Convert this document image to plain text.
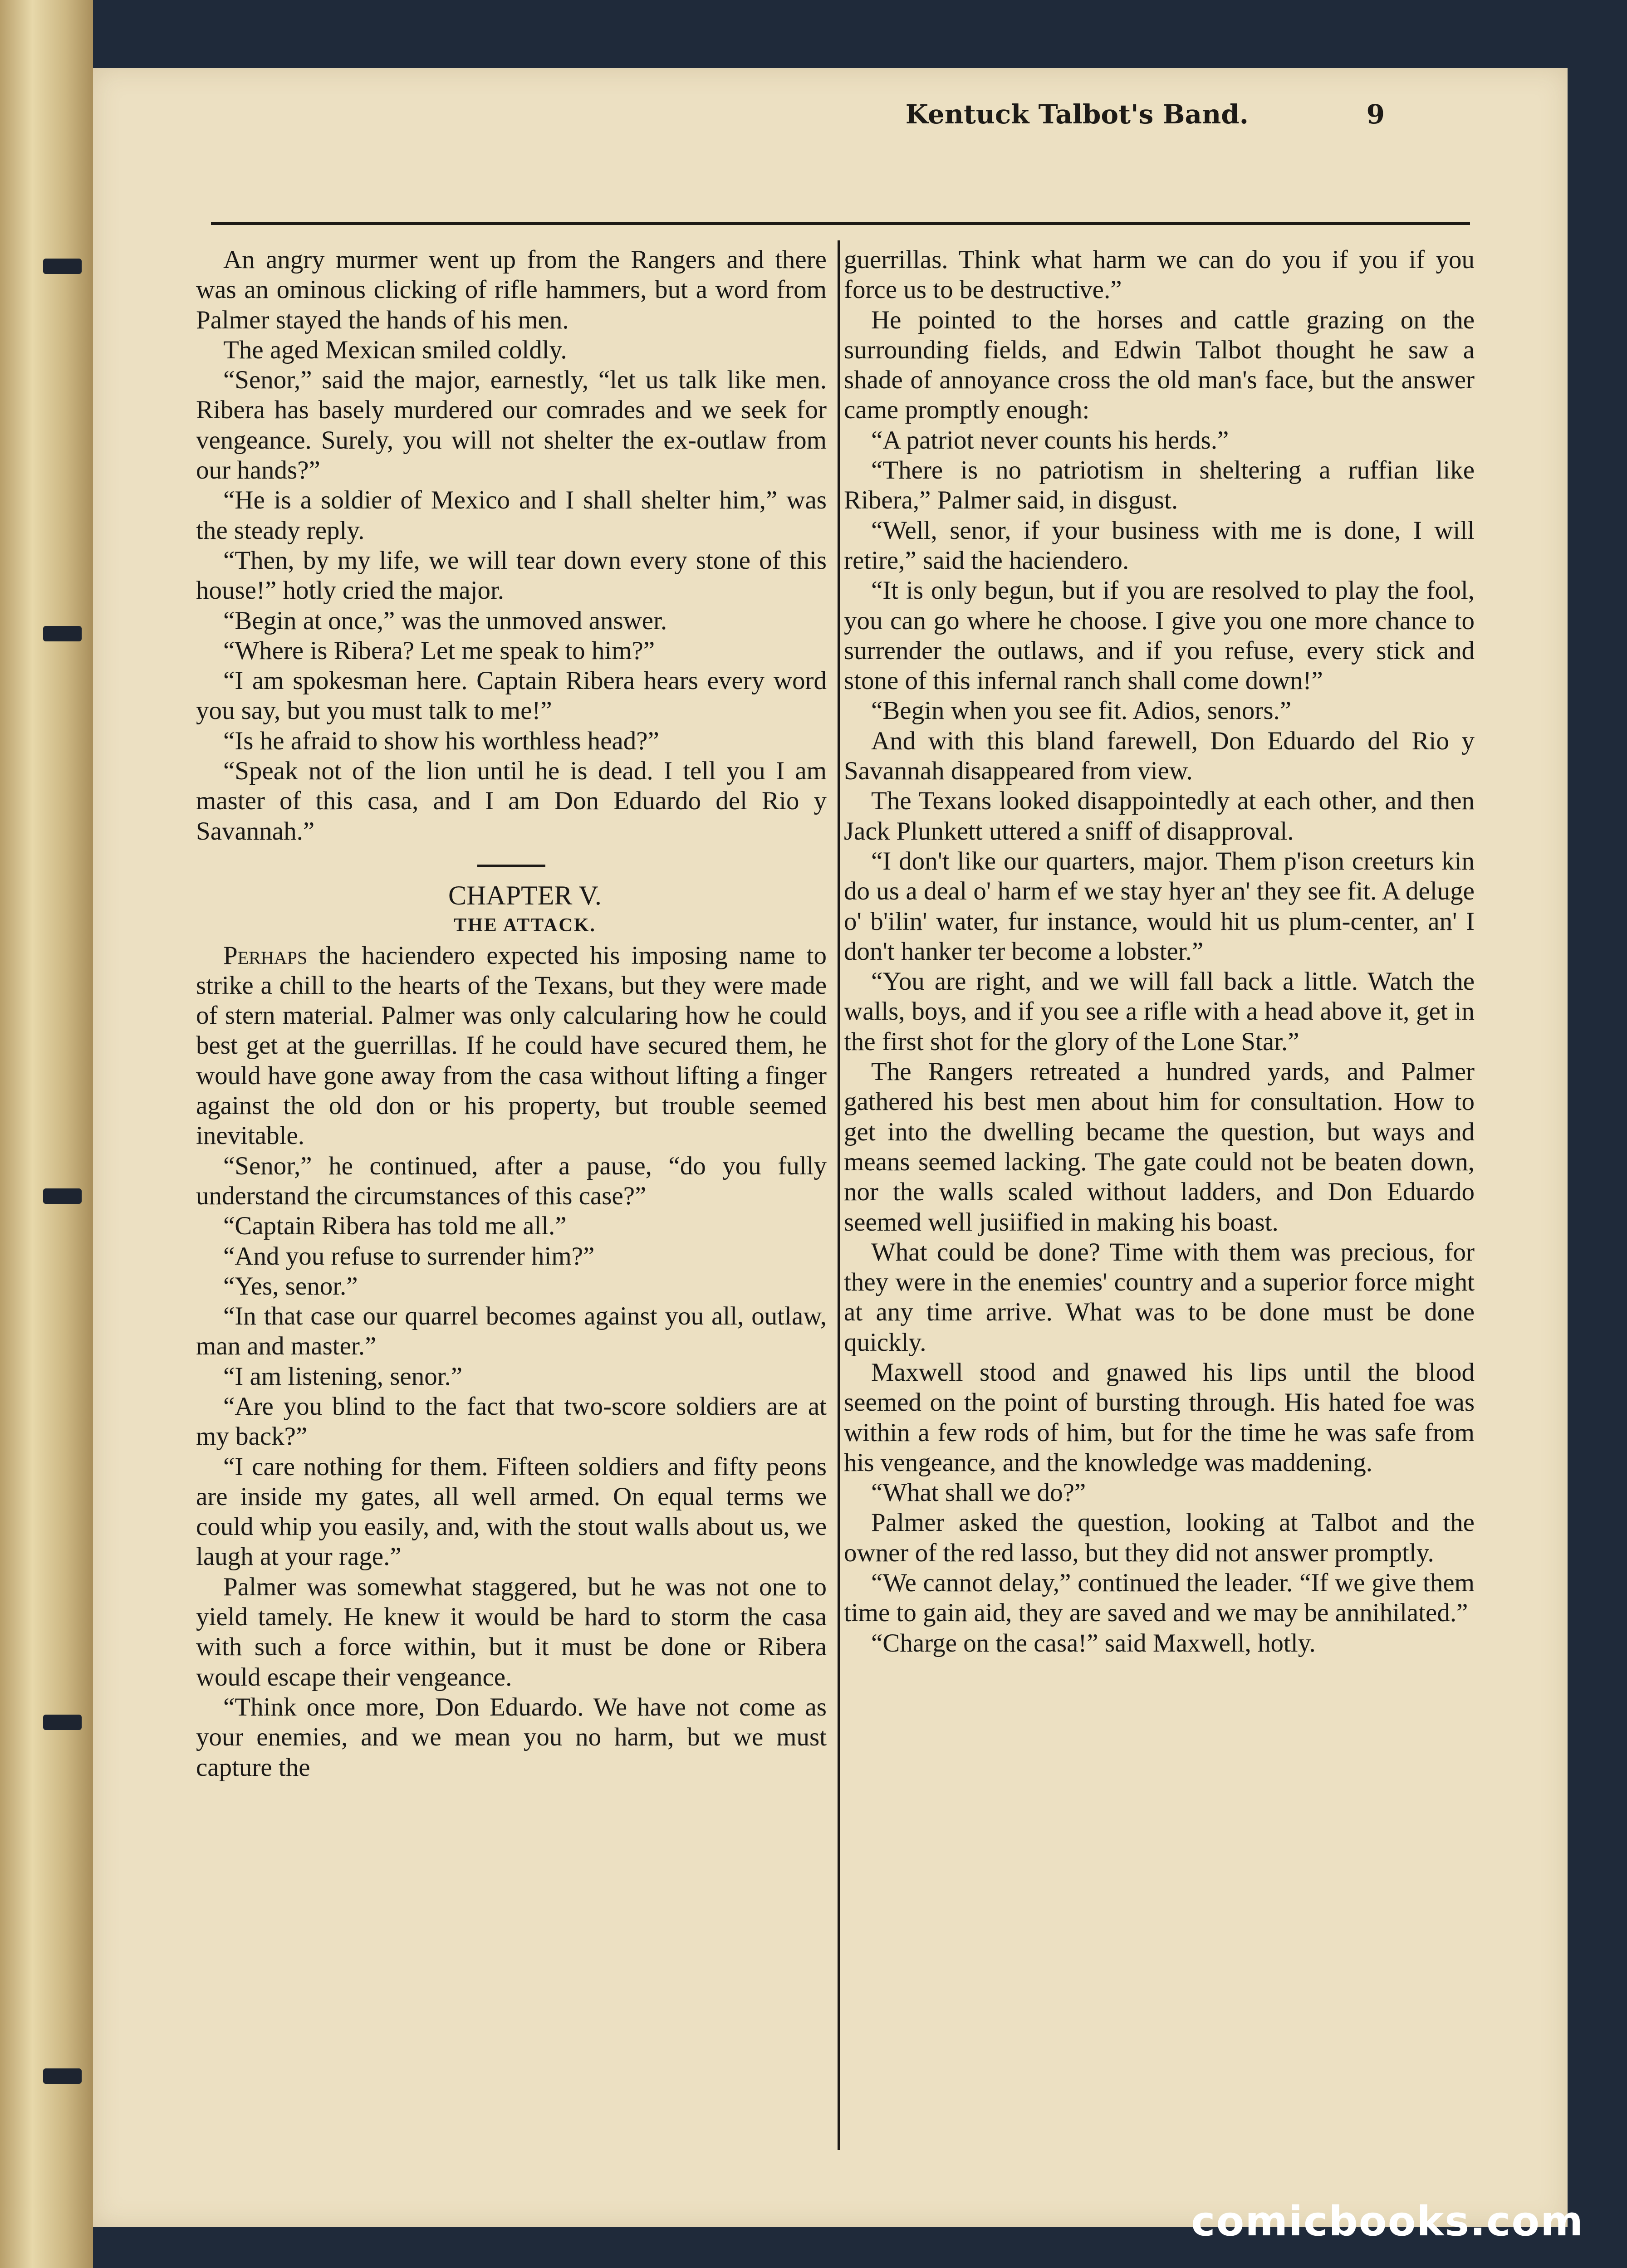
Kentuck Talbot's Band.	9

An angry murmer went up from the Rangers and there was an ominous clicking of rifle hammers, but a word from Palmer stayed the hands of his men.

The aged Mexican smiled coldly.

“Senor,” said the major, earnestly, “let us talk like men. Ribera has basely murdered our comrades and we seek for vengeance. Surely, you will not shelter the ex-outlaw from our hands?”

“He is a soldier of Mexico and I shall shelter him,” was the steady reply.

“Then, by my life, we will tear down every stone of this house!” hotly cried the major.

“Begin at once,” was the unmoved answer.

“Where is Ribera? Let me speak to him?”

“I am spokesman here. Captain Ribera hears every word you say, but you must talk to me!”

“Is he afraid to show his worthless head?”

“Speak not of the lion until he is dead. I tell you I am master of this casa, and I am Don Eduardo del Rio y Savannah.”

CHAPTER V.

THE ATTACK.

Perhaps the haciendero expected his imposing name to strike a chill to the hearts of the Texans, but they were made of stern material. Palmer was only calcularing how he could best get at the guerrillas. If he could have secured them, he would have gone away from the casa without lifting a finger against the old don or his property, but trouble seemed inevitable.

“Senor,” he continued, after a pause, “do you fully understand the circumstances of this case?”

“Captain Ribera has told me all.”

“And you refuse to surrender him?”

“Yes, senor.”

“In that case our quarrel becomes against you all, outlaw, man and master.”

“I am listening, senor.”

“Are you blind to the fact that two-score soldiers are at my back?”

“I care nothing for them. Fifteen soldiers and fifty peons are inside my gates, all well armed. On equal terms we could whip you easily, and, with the stout walls about us, we laugh at your rage.”

Palmer was somewhat staggered, but he was not one to yield tamely. He knew it would be hard to storm the casa with such a force within, but it must be done or Ribera would escape their vengeance.

“Think once more, Don Eduardo. We have not come as your enemies, and we mean you no harm, but we must capture the

guerrillas. Think what harm we can do you if you if you force us to be destructive.”

He pointed to the horses and cattle grazing on the surrounding fields, and Edwin Talbot thought he saw a shade of annoyance cross the old man's face, but the answer came promptly enough:

“A patriot never counts his herds.”

“There is no patriotism in sheltering a ruffian like Ribera,” Palmer said, in disgust.

“Well, senor, if your business with me is done, I will retire,” said the haciendero.

“It is only begun, but if you are resolved to play the fool, you can go where he choose. I give you one more chance to surrender the outlaws, and if you refuse, every stick and stone of this infernal ranch shall come down!”

“Begin when you see fit. Adios, senors.”

And with this bland farewell, Don Eduardo del Rio y Savannah disappeared from view.

The Texans looked disappointedly at each other, and then Jack Plunkett uttered a sniff of disapproval.

“I don't like our quarters, major. Them p'ison creeturs kin do us a deal o' harm ef we stay hyer an' they see fit. A deluge o' b'ilin' water, fur instance, would hit us plum-center, an' I don't hanker ter become a lobster.”

“You are right, and we will fall back a little. Watch the walls, boys, and if you see a rifle with a head above it, get in the first shot for the glory of the Lone Star.”

The Rangers retreated a hundred yards, and Palmer gathered his best men about him for consultation. How to get into the dwelling became the question, but ways and means seemed lacking. The gate could not be beaten down, nor the walls scaled without ladders, and Don Eduardo seemed well jusiified in making his boast.

What could be done? Time with them was precious, for they were in the enemies' country and a superior force might at any time arrive. What was to be done must be done quickly.

Maxwell stood and gnawed his lips until the blood seemed on the point of bursting through. His hated foe was within a few rods of him, but for the time he was safe from his vengeance, and the knowledge was maddening.

“What shall we do?”

Palmer asked the question, looking at Talbot and the owner of the red lasso, but they did not answer promptly.

“We cannot delay,” continued the leader. “If we give them time to gain aid, they are saved and we may be annihilated.”

“Charge on the casa!” said Maxwell, hotly.

comicbooks.com
